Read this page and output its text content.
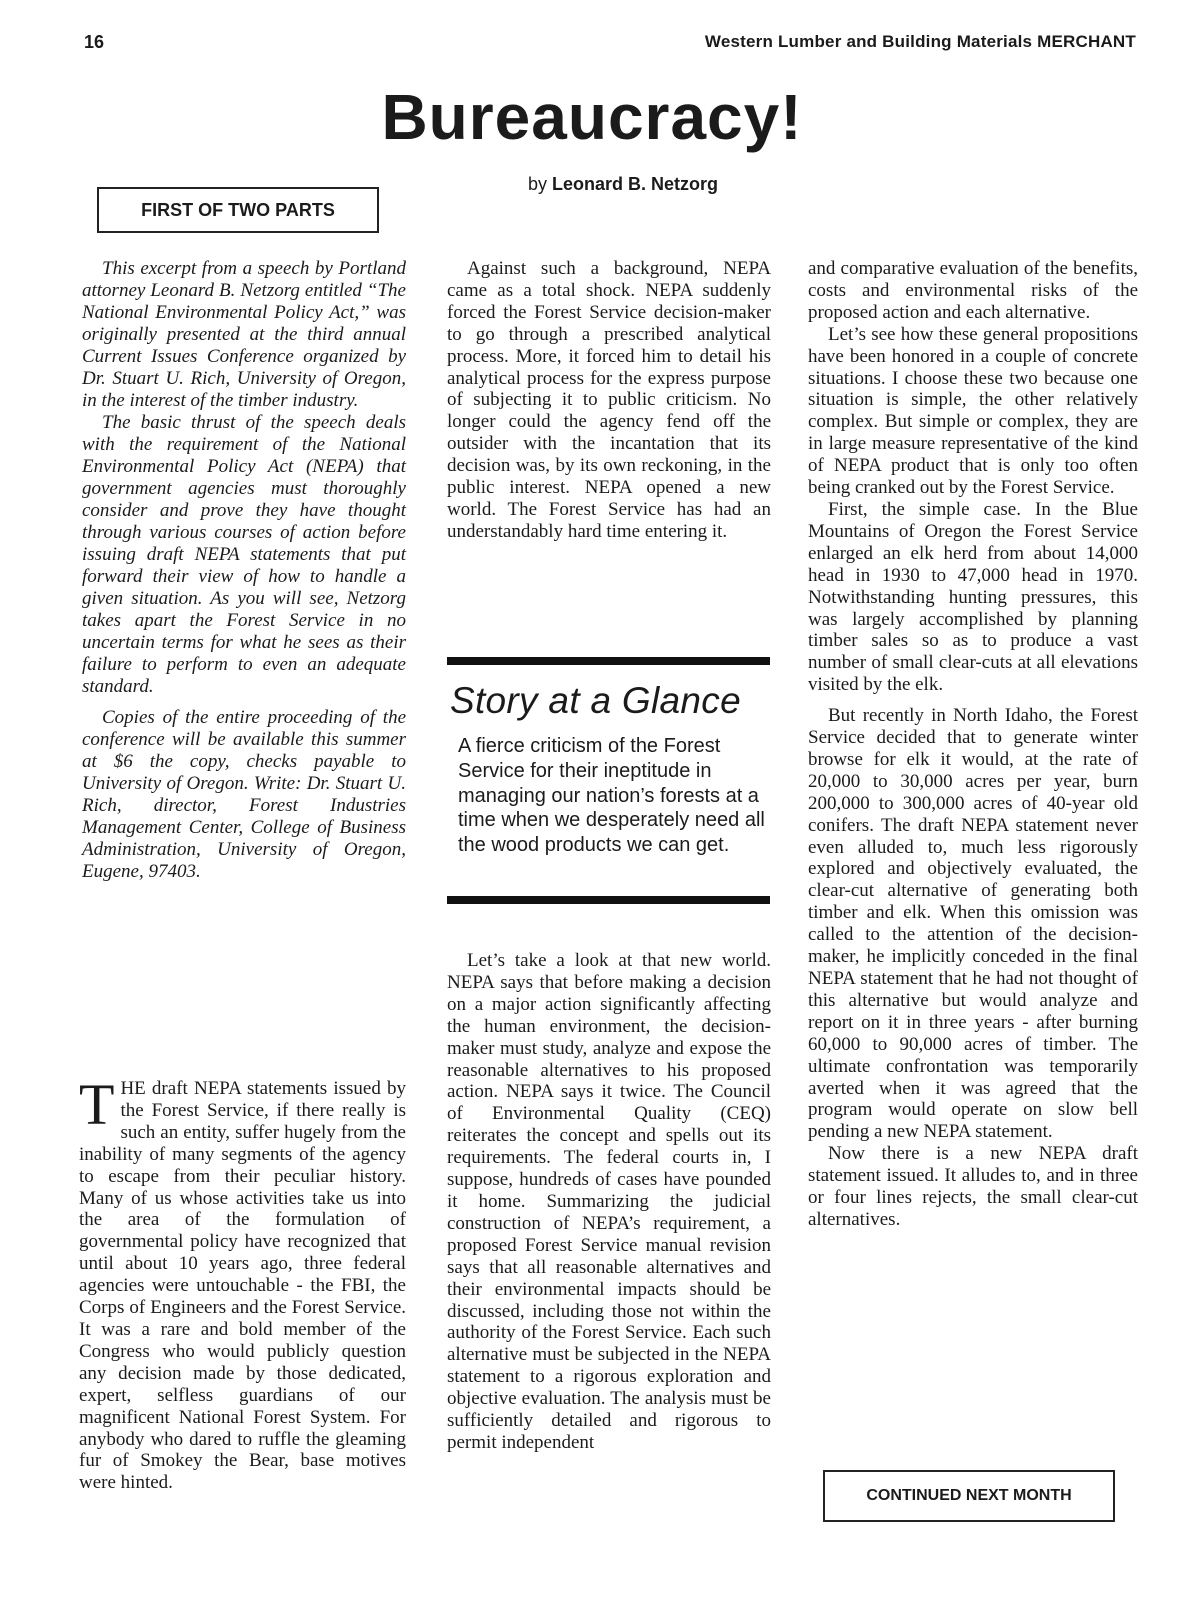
16	Western Lumber and Building Materials MERCHANT
Bureaucracy!
by Leonard B. Netzorg
FIRST OF TWO PARTS

This excerpt from a speech by Portland attorney Leonard B. Netzorg entitled “The National Environmental Policy Act,” was originally presented at the third annual Current Issues Conference organized by Dr. Stuart U. Rich, University of Oregon, in the interest of the timber industry.

The basic thrust of the speech deals with the requirement of the National Environmental Policy Act (NEPA) that government agencies must thoroughly consider and prove they have thought through various courses of action before issuing draft NEPA statements that put forward their view of how to handle a given situation. As you will see, Netzorg takes apart the Forest Service in no uncertain terms for what he sees as their failure to perform to even an adequate standard.

Copies of the entire proceeding of the conference will be available this summer at $6 the copy, checks payable to University of Oregon. Write: Dr. Stuart U. Rich, director, Forest Industries Management Center, College of Business Administration, University of Oregon, Eugene, 97403.

THE draft NEPA statements issued by the Forest Service, if there really is such an entity, suffer hugely from the inability of many segments of the agency to escape from their peculiar history. Many of us whose activities take us into the area of the formulation of governmental policy have recognized that until about 10 years ago, three federal agencies were untouchable - the FBI, the Corps of Engineers and the Forest Service. It was a rare and bold member of the Congress who would publicly question any decision made by those dedicated, expert, selfless guardians of our magnificent National Forest System. For anybody who dared to ruffle the gleaming fur of Smokey the Bear, base motives were hinted.

Against such a background, NEPA came as a total shock. NEPA suddenly forced the Forest Service decision-maker to go through a prescribed analytical process. More, it forced him to detail his analytical process for the express purpose of subjecting it to public criticism. No longer could the agency fend off the outsider with the incantation that its decision was, by its own reckoning, in the public interest. NEPA opened a new world. The Forest Service has had an understandably hard time entering it.

Story at a Glance
A fierce criticism of the Forest Service for their ineptitude in managing our nation’s forests at a time when we desperately need all the wood products we can get.

Let’s take a look at that new world. NEPA says that before making a decision on a major action significantly affecting the human environment, the decision-maker must study, analyze and expose the reasonable alternatives to his proposed action. NEPA says it twice. The Council of Environmental Quality (CEQ) reiterates the concept and spells out its requirements. The federal courts in, I suppose, hundreds of cases have pounded it home. Summarizing the judicial construction of NEPA’s requirement, a proposed Forest Service manual revision says that all reasonable alternatives and their environmental impacts should be discussed, including those not within the authority of the Forest Service. Each such alternative must be subjected in the NEPA statement to a rigorous exploration and objective evaluation. The analysis must be sufficiently detailed and rigorous to permit independent

and comparative evaluation of the benefits, costs and environmental risks of the proposed action and each alternative.

Let’s see how these general propositions have been honored in a couple of concrete situations. I choose these two because one situation is simple, the other relatively complex. But simple or complex, they are in large measure representative of the kind of NEPA product that is only too often being cranked out by the Forest Service.

First, the simple case. In the Blue Mountains of Oregon the Forest Service enlarged an elk herd from about 14,000 head in 1930 to 47,000 head in 1970. Notwithstanding hunting pressures, this was largely accomplished by planning timber sales so as to produce a vast number of small clear-cuts at all elevations visited by the elk.

But recently in North Idaho, the Forest Service decided that to generate winter browse for elk it would, at the rate of 20,000 to 30,000 acres per year, burn 200,000 to 300,000 acres of 40-year old conifers. The draft NEPA statement never even alluded to, much less rigorously explored and objectively evaluated, the clear-cut alternative of generating both timber and elk. When this omission was called to the attention of the decision-maker, he implicitly conceded in the final NEPA statement that he had not thought of this alternative but would analyze and report on it in three years - after burning 60,000 to 90,000 acres of timber. The ultimate confrontation was temporarily averted when it was agreed that the program would operate on slow bell pending a new NEPA statement.

Now there is a new NEPA draft statement issued. It alludes to, and in three or four lines rejects, the small clear-cut alternatives.

CONTINUED NEXT MONTH
